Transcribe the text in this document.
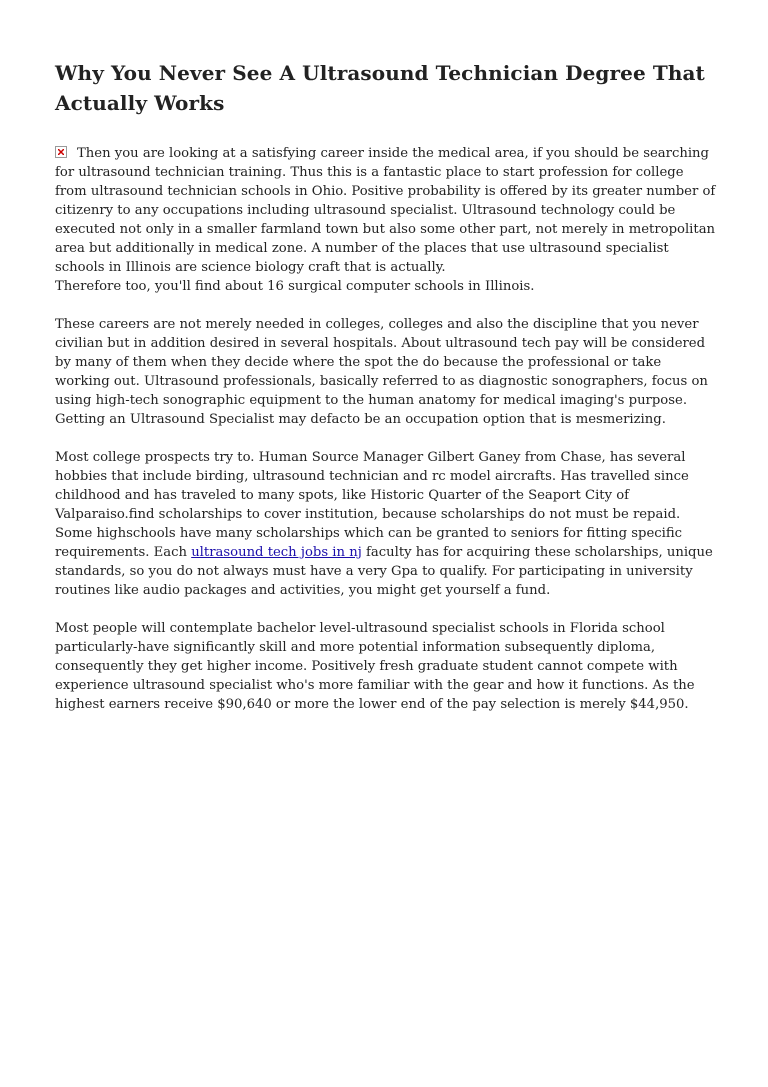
Why You Never See A Ultrasound Technician Degree That Actually Works

Then you are looking at a satisfying career inside the medical area, if you should be searching for ultrasound technician training. Thus this is a fantastic place to start profession for college from ultrasound technician schools in Ohio. Positive probability is offered by its greater number of citizenry to any occupations including ultrasound specialist. Ultrasound technology could be executed not only in a smaller farmland town but also some other part, not merely in metropolitan area but additionally in medical zone. A number of the places that use ultrasound specialist schools in Illinois are science biology craft that is actually.
Therefore too, you'll find about 16 surgical computer schools in Illinois.

These careers are not merely needed in colleges, colleges and also the discipline that you never civilian but in addition desired in several hospitals. About ultrasound tech pay will be considered by many of them when they decide where the spot the do because the professional or take working out. Ultrasound professionals, basically referred to as diagnostic sonographers, focus on using high-tech sonographic equipment to the human anatomy for medical imaging's purpose. Getting an Ultrasound Specialist may defacto be an occupation option that is mesmerizing.

Most college prospects try to. Human Source Manager Gilbert Ganey from Chase, has several hobbies that include birding, ultrasound technician and rc model aircrafts. Has travelled since childhood and has traveled to many spots, like Historic Quarter of the Seaport City of Valparaiso.find scholarships to cover institution, because scholarships do not must be repaid. Some highschools have many scholarships which can be granted to seniors for fitting specific requirements. Each ultrasound tech jobs in nj faculty has for acquiring these scholarships, unique standards, so you do not always must have a very Gpa to qualify. For participating in university routines like audio packages and activities, you might get yourself a fund.

Most people will contemplate bachelor level-ultrasound specialist schools in Florida school particularly-have significantly skill and more potential information subsequently diploma, consequently they get higher income. Positively fresh graduate student cannot compete with experience ultrasound specialist who's more familiar with the gear and how it functions. As the highest earners receive $90,640 or more the lower end of the pay selection is merely $44,950.
